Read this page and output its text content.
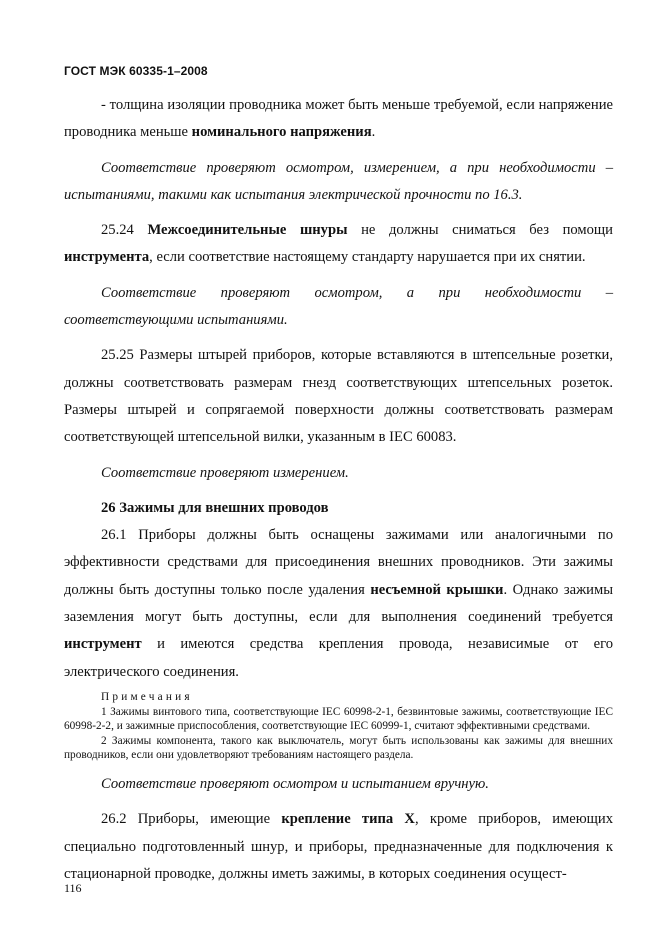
ГОСТ МЭК 60335-1–2008

- толщина изоляции проводника может быть меньше требуемой, если напряжение проводника меньше номинального напряжения.

Соответствие проверяют осмотром, измерением, а при необходимости – испытаниями, такими как испытания электрической прочности по 16.3.

25.24 Межсоединительные шнуры не должны сниматься без помощи инструмента, если соответствие настоящему стандарту нарушается при их снятии.

Соответствие проверяют осмотром, а при необходимости – соответствующими испытаниями.

25.25 Размеры штырей приборов, которые вставляются в штепсельные розетки, должны соответствовать размерам гнезд соответствующих штепсельных розеток. Размеры штырей и сопрягаемой поверхности должны соответствовать размерам соответствующей штепсельной вилки, указанным в IEC 60083.

Соответствие проверяют измерением.

26 Зажимы для внешних проводов

26.1 Приборы должны быть оснащены зажимами или аналогичными по эффективности средствами для присоединения внешних проводников. Эти зажимы должны быть доступны только после удаления несъемной крышки. Однако зажимы заземления могут быть доступны, если для выполнения соединений требуется инструмент и имеются средства крепления провода, независимые от его электрического соединения.

Примечания

1 Зажимы винтового типа, соответствующие IEC 60998-2-1, безвинтовые зажимы, соответствующие IEC 60998-2-2, и зажимные приспособления, соответствующие IEC 60999-1, считают эффективными средствами.

2 Зажимы компонента, такого как выключатель, могут быть использованы как зажимы для внешних проводников, если они удовлетворяют требованиям настоящего раздела.

Соответствие проверяют осмотром и испытанием вручную.

26.2 Приборы, имеющие крепление типа X, кроме приборов, имеющих специально подготовленный шнур, и приборы, предназначенные для подключения к стационарной проводке, должны иметь зажимы, в которых соединения осущест-

116
